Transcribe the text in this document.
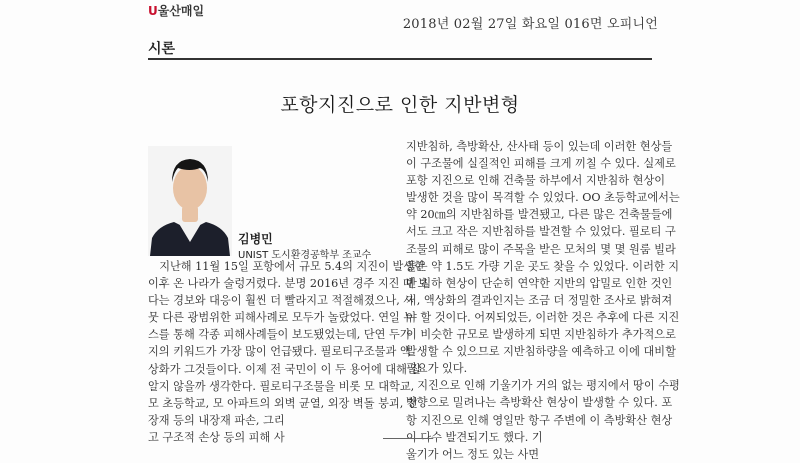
U울산매일
2018년 02월 27일 화요일 016면 오피니언
시론
포항지진으로 인한 지반변형
김병민
UNIST 도시환경공학부 조교수
　지난해 11월 15일 포항에서 규모 5.4의 지진이 발생한
이후 온 나라가 술렁거렸다. 분명 2016년 경주 지진 때 보
다는 경보와 대응이 훨씬 더 빨라지고 적절해졌으나, 사
뭇 다른 광범위한 피해사례로 모두가 놀랐었다. 연일 뉴
스를 통해 각종 피해사례들이 보도됐었는데, 단연 두가
지의 키워드가 가장 많이 언급됐다. 필로티구조물과 액
상화가 그것들이다. 이제 전 국민이 이 두 용어에 대해 잘
알지 않을까 생각한다. 필로티구조물을 비롯 모 대학교,
모 초등학교, 모 아파트의 외벽 균열, 외장 벽돌 붕괴, 천
장재 등의 내장재 파손, 그리
고 구조적 손상 등의 피해 사
지반침하, 측방확산, 산사태 등이 있는데 이러한 현상들
이 구조물에 실질적인 피해를 크게 끼칠 수 있다. 실제로
포항 지진으로 인해 건축물 하부에서 지반침하 현상이
발생한 것을 많이 목격할 수 있었다. OO 초등학교에서는
약 20㎝의 지반침하를 발견됐고, 다른 많은 건축물들에
서도 크고 작은 지반침하를 발견할 수 있었다. 필로티 구
조물의 피해로 많이 주목을 받은 모처의 몇 몇 원룸 빌라
들은 약 1.5도 가량 기운 곳도 찾을 수 있었다. 이러한 지
반 침하 현상이 단순히 연약한 지반의 압밀로 인한 것인
지, 액상화의 결과인지는 조금 더 정밀한 조사로 밝혀져
야 할 것이다. 어찌되었든, 이러한 것은 추후에 다른 지진
이 비슷한 규모로 발생하게 되면 지반침하가 추가적으로
발생할 수 있으므로 지반침하량을 예측하고 이에 대비할
필요가 있다.
　지진으로 인해 기울기가 거의 없는 평지에서 땅이 수평
방향으로 밀려나는 측방확산 현상이 발생할 수 있다. 포
항 지진으로 인해 영일만 항구 주변에 이 측방확산 현상
이 다수 발견되기도 했다. 기
울기가 어느 정도 있는 사면
